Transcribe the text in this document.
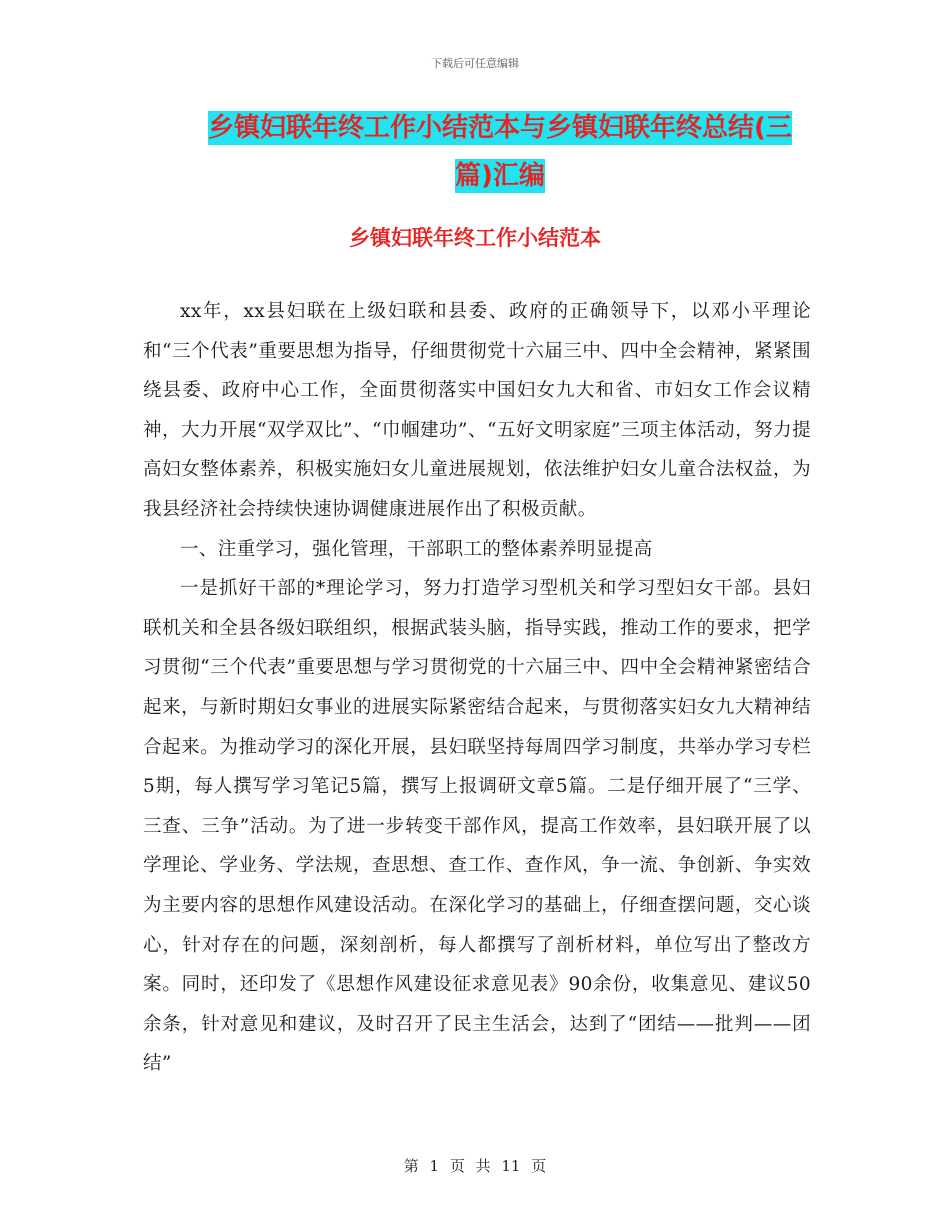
下载后可任意编辑
乡镇妇联年终工作小结范本与乡镇妇联年终总结(三篇)汇编
乡镇妇联年终工作小结范本

xx年，xx县妇联在上级妇联和县委、政府的正确领导下，以邓小平理论和“三个代表”重要思想为指导，仔细贯彻党十六届三中、四中全会精神，紧紧围绕县委、政府中心工作，全面贯彻落实中国妇女九大和省、市妇女工作会议精神，大力开展“双学双比”、“巾帼建功”、“五好文明家庭”三项主体活动，努力提高妇女整体素养，积极实施妇女儿童进展规划，依法维护妇女儿童合法权益，为我县经济社会持续快速协调健康进展作出了积极贡献。

一、注重学习，强化管理，干部职工的整体素养明显提高

一是抓好干部的*理论学习，努力打造学习型机关和学习型妇女干部。县妇联机关和全县各级妇联组织，根据武装头脑，指导实践，推动工作的要求，把学习贯彻“三个代表”重要思想与学习贯彻党的十六届三中、四中全会精神紧密结合起来，与新时期妇女事业的进展实际紧密结合起来，与贯彻落实妇女九大精神结合起来。为推动学习的深化开展，县妇联坚持每周四学习制度，共举办学习专栏5期，每人撰写学习笔记5篇，撰写上报调研文章5篇。二是仔细开展了“三学、三查、三争”活动。为了进一步转变干部作风，提高工作效率，县妇联开展了以学理论、学业务、学法规，查思想、查工作、查作风，争一流、争创新、争实效为主要内容的思想作风建设活动。在深化学习的基础上，仔细查摆问题，交心谈心，针对存在的问题，深刻剖析，每人都撰写了剖析材料，单位写出了整改方案。同时，还印发了《思想作风建设征求意见表》90余份，收集意见、建议50余条，针对意见和建议，及时召开了民主生活会，达到了“团结——批判——团结”

第 1 页 共 11 页
